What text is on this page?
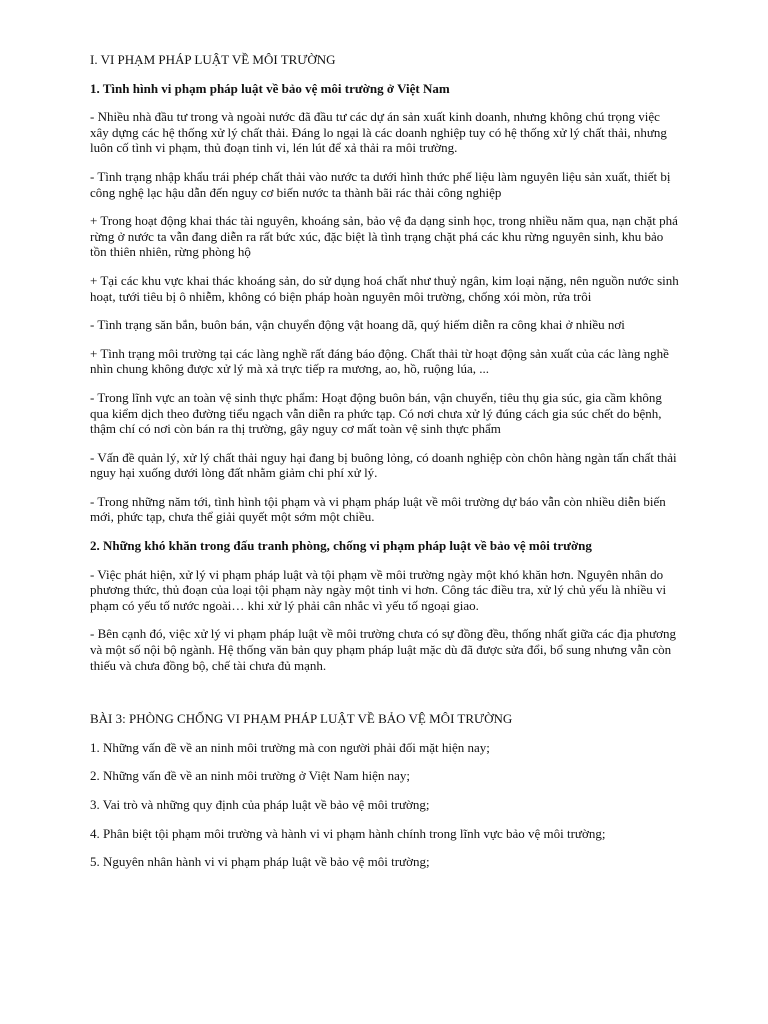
I. VI PHẠM PHÁP LUẬT VỀ MÔI TRƯỜNG

1. Tình hình vi phạm pháp luật về bảo vệ môi trường ở Việt Nam

- Nhiều nhà đầu tư trong và ngoài nước đã đầu tư các dự án sản xuất kinh doanh, nhưng không chú trọng việc xây dựng các hệ thống xử lý chất thải. Đáng lo ngại là các doanh nghiệp tuy có hệ thống xử lý chất thải, nhưng luôn cố tình vi phạm, thủ đoạn tinh vi, lén lút để xả thải ra môi trường.

- Tình trạng nhập khẩu trái phép chất thải vào nước ta dưới hình thức phế liệu làm nguyên liệu sản xuất, thiết bị công nghệ lạc hậu dẫn đến nguy cơ biến nước ta thành bãi rác thải công nghiệp

+ Trong hoạt động khai thác tài nguyên, khoáng sản, bảo vệ đa dạng sinh học, trong nhiều năm qua, nạn chặt phá rừng ở nước ta vẫn đang diễn ra rất bức xúc, đặc biệt là tình trạng chặt phá các khu rừng nguyên sinh, khu bảo tồn thiên nhiên, rừng phòng hộ

+ Tại các khu vực khai thác khoáng sản, do sử dụng hoá chất như thuỷ ngân, kim loại nặng, nên nguồn nước sinh hoạt, tưới tiêu bị ô nhiễm, không có biện pháp hoàn nguyên môi trường, chống xói mòn, rửa trôi

- Tình trạng săn bắn, buôn bán, vận chuyển động vật hoang dã, quý hiếm diễn ra công khai ở nhiều nơi

+ Tình trạng môi trường tại các làng nghề rất đáng báo động. Chất thải từ hoạt động sản xuất của các làng nghề nhìn chung không được xử lý mà xả trực tiếp ra mương, ao, hồ, ruộng lúa, ...

- Trong lĩnh vực an toàn vệ sinh thực phẩm: Hoạt động buôn bán, vận chuyển, tiêu thụ gia súc, gia cầm không qua kiểm dịch theo đường tiểu ngạch vẫn diễn ra phức tạp. Có nơi chưa xử lý đúng cách gia súc chết do bệnh, thậm chí có nơi còn bán ra thị trường, gây nguy cơ mất toàn vệ sinh thực phẩm

- Vấn đề quản lý, xử lý chất thải nguy hại đang bị buông lỏng, có doanh nghiệp còn chôn hàng ngàn tấn chất thải nguy hại xuống dưới lòng đất nhằm giảm chi phí xử lý.

- Trong những năm tới, tình hình tội phạm và vi phạm pháp luật về môi trường dự báo vẫn còn nhiều diễn biến mới, phức tạp, chưa thể giải quyết một sớm một chiều.

2. Những khó khăn trong đấu tranh phòng, chống vi phạm pháp luật về bảo vệ môi trường

- Việc phát hiện, xử lý vi phạm pháp luật và tội phạm về môi trường ngày một khó khăn hơn. Nguyên nhân do phương thức, thủ đoạn của loại tội phạm này ngày một tinh vi hơn. Công tác điều tra, xử lý chủ yếu là nhiều vi phạm có yếu tố nước ngoài… khi xử lý phải cân nhắc vì yếu tố ngoại giao.

- Bên cạnh đó, việc xử lý vi phạm pháp luật về môi trường chưa có sự đồng đều, thống nhất giữa các địa phương và một số nội bộ ngành. Hệ thống văn bản quy phạm pháp luật mặc dù đã được sửa đổi, bổ sung nhưng vẫn còn thiếu và chưa đồng bộ, chế tài chưa đủ mạnh.

BÀI 3: PHÒNG CHỐNG VI PHẠM PHÁP LUẬT VỀ BẢO VỆ MÔI TRƯỜNG

1. Những vấn đề về an ninh môi trường mà con người phải đối mặt hiện nay;

2. Những vấn đề về an ninh môi trường ở Việt Nam hiện nay;

3. Vai trò và những quy định của pháp luật về bảo vệ môi trường;

4. Phân biệt tội phạm môi trường và hành vi vi phạm hành chính trong lĩnh vực bảo vệ môi trường;

5. Nguyên nhân hành vi vi phạm pháp luật về bảo vệ môi trường;
